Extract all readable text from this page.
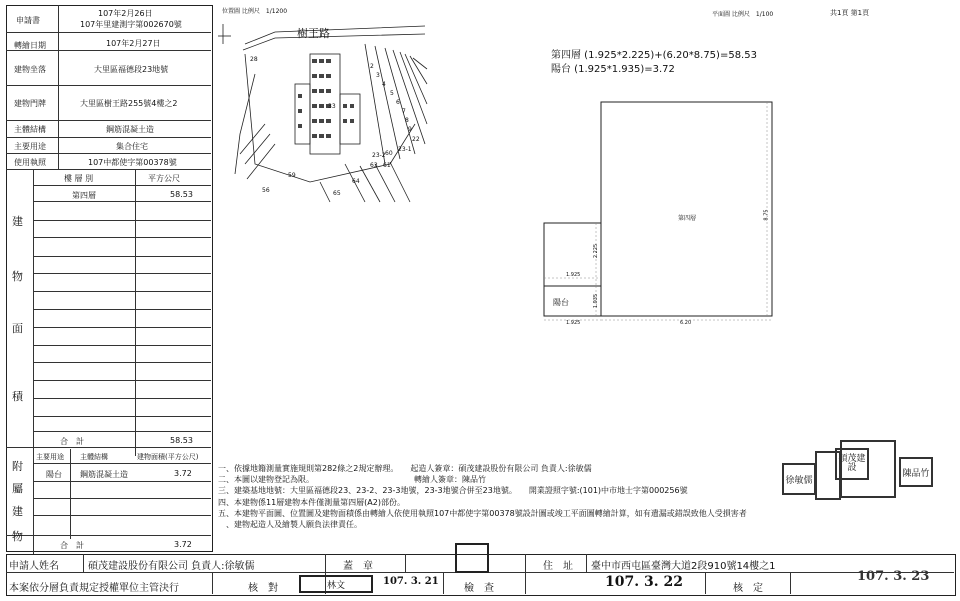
申請書
107年2月26日
107年里建測字第002670號
轉繪日期	107年2月27日
建物坐落	大里區福德段23地號
建物門牌	大里區樹王路255號4樓之2
主體結構	鋼筋混凝土造
主要用途	集合住宅
使用執照	107中都使字第00378號
樓 層 別	平方公尺
第四層	58.53
建
物
面
積
合　計	58.53
主要用途 主體結構	建物面積(平方公尺)
陽台 鋼筋混凝土造	3.72
合　計	3.72
附
屬
建
物
位置圖 比例尺　1/1200
樹王路
28
2
3
4
5
6
7
8
9
22
23-1
23-2 60
63
64
65
56
59
61
33
平面圖 比例尺　1/100	共1頁 第1頁
第四層 (1.925*2.225)+(6.20*8.75)=58.53
陽台 (1.925*1.935)=3.72
第四層
陽台
8.75
2.225
1.925
1.935
1.925	6.20
一、依據地籍測量實施規則第282條之2規定辦理。　　起造人簽章：碩茂建設股份有限公司 負責人:徐敏儒
二、本圖以建物登記為限。　　　　　　　　　　　　　轉繪人簽章：陳品竹
三、建築基地地號：大里區福德段23、23-2、23-3地號，23-3地號合併至23地號。　　開業證照字號:(101)中市地士字第000256號
四、本建物係11層建物本件僅測量第四層(A2)部份。
五、本建物平面圖、位置圖及建物面積係由轉繪人依使用執照107中都使字第00378號設計圖或竣工平面圖轉繪計算，如有遺漏或錯誤致他人受損害者
　、建物起造人及繪製人願負法律責任。
碩茂建設
徐敏儒
陳品竹
申請人姓名	碩茂建設股份有限公司 負責人:徐敏儒	蓋　章	住　址 臺中市西屯區臺灣大道2段910號14樓之1
本案依分層負責規定授權單位主管決行	核　對	林文	107. 3. 21
檢　查	107. 3. 22	核　定
107. 3. 23
